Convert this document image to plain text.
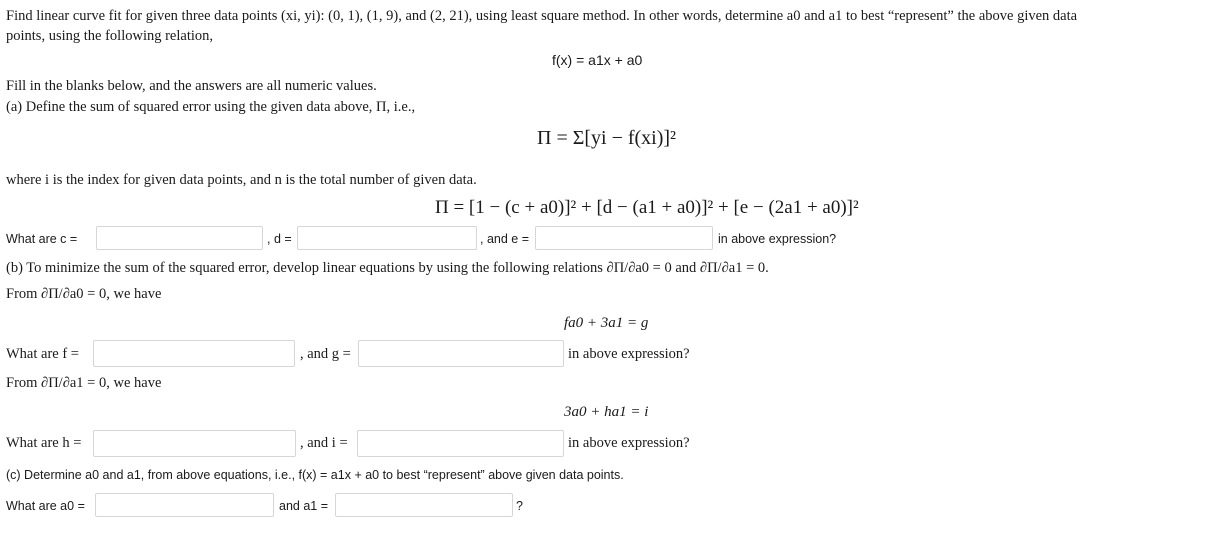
Find linear curve fit for given three data points (xi, yi): (0, 1), (1, 9), and (2, 21), using least square method. In other words, determine a0 and a1 to best “represent” the above given data
points, using the following relation,
f(x) = a1x + a0
Fill in the blanks below, and the answers are all numeric values.
(a) Define the sum of squared error using the given data above, Π, i.e.,
Π = Σ[yi − f(xi)]²
where i is the index for given data points, and n is the total number of given data.
Π = [1 − (c + a0)]² + [d − (a1 + a0)]² + [e − (2a1 + a0)]²
What are c =	, d =	, and e =	in above expression?
(b) To minimize the sum of the squared error, develop linear equations by using the following relations ∂Π/∂a0 = 0 and ∂Π/∂a1 = 0.
From ∂Π/∂a0 = 0, we have
fa0 + 3a1 = g
What are f =	, and g =	in above expression?
From ∂Π/∂a1 = 0, we have
3a0 + ha1 = i
What are h =	, and i =	in above expression?
(c) Determine a0 and a1, from above equations, i.e., f(x) = a1x + a0 to best “represent” above given data points.
What are a0 =	and a1 =	?
